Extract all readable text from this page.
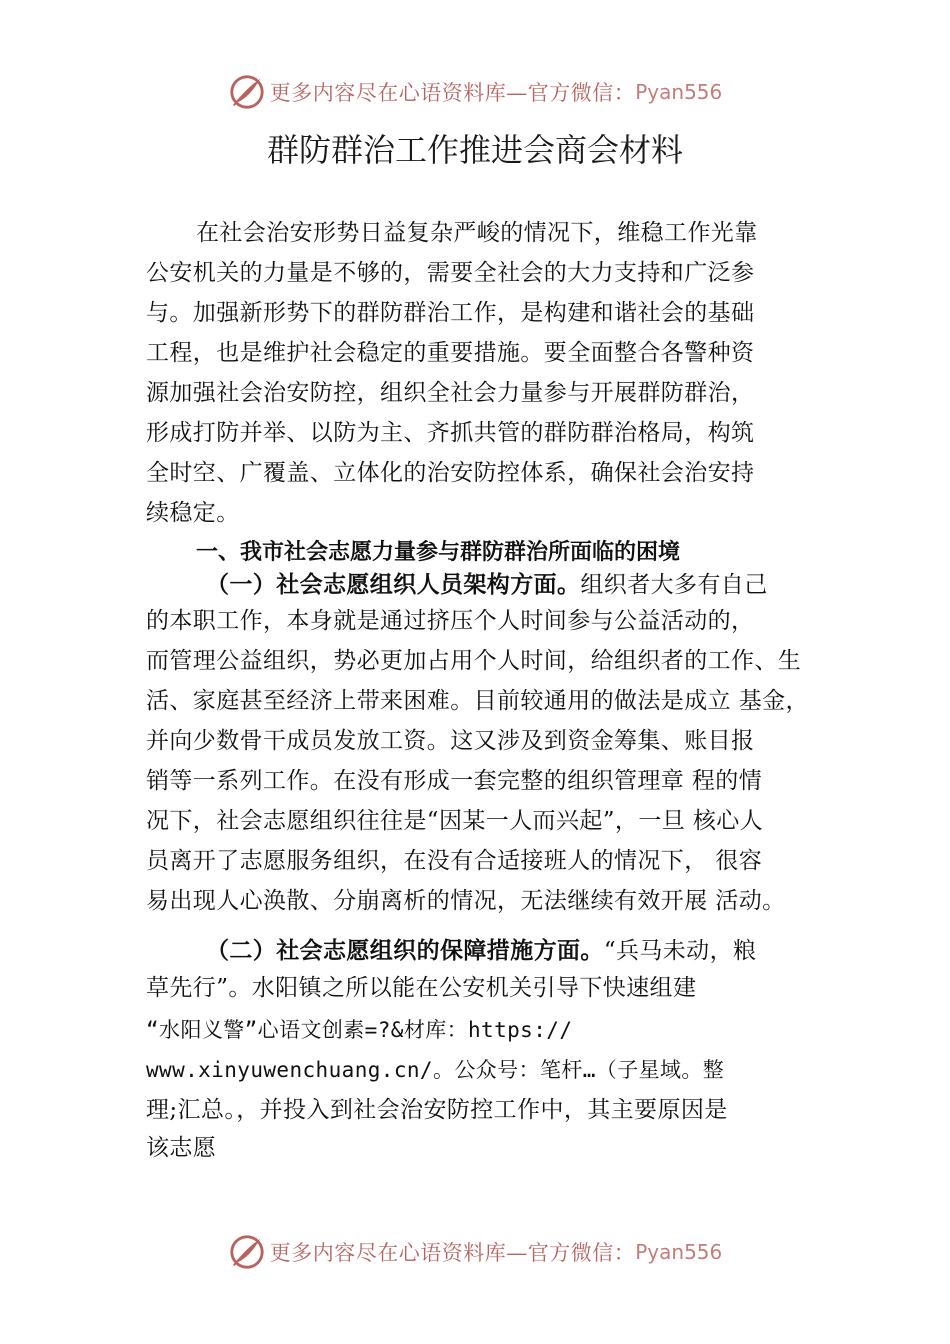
更多内容尽在心语资料库—官方微信： Pyan556
群防群治工作推进会商会材料
在社会治安形势日益复杂严峻的情况下，维稳工作光靠
公安机关的力量是不够的，需要全社会的大力支持和广泛参
与。加强新形势下的群防群治工作，是构建和谐社会的基础
工程，也是维护社会稳定的重要措施。要全面整合各警种资
源加强社会治安防控，组织全社会力量参与开展群防群治，
形成打防并举、以防为主、齐抓共管的群防群治格局，构筑
全时空、广覆盖、立体化的治安防控体系，确保社会治安持
续稳定。
一、我市社会志愿力量参与群防群治所面临的困境
（一）社会志愿组织人员架构方面。组织者大多有自己
的本职工作，本身就是通过挤压个人时间参与公益活动的，
而管理公益组织，势必更加占用个人时间，给组织者的工作、生
活、家庭甚至经济上带来困难。目前较通用的做法是成立 基金，
并向少数骨干成员发放工资。这又涉及到资金筹集、账目报
销等一系列工作。在没有形成一套完整的组织管理章 程的情
况下，社会志愿组织往往是“因某一人而兴起”，一旦 核心人
员离开了志愿服务组织，在没有合适接班人的情况下， 很容
易出现人心涣散、分崩离析的情况，无法继续有效开展 活动。
（二）社会志愿组织的保障措施方面。“兵马未动，粮
草先行”。水阳镇之所以能在公安机关引导下快速组建
“水阳义警”心语文创素=?&材库：https://
www.xinyuwenchuang.cn/。公众号：笔杆…（子星域。整
理;汇总。，并投入到社会治安防控工作中，其主要原因是
该志愿
更多内容尽在心语资料库—官方微信： Pyan556
